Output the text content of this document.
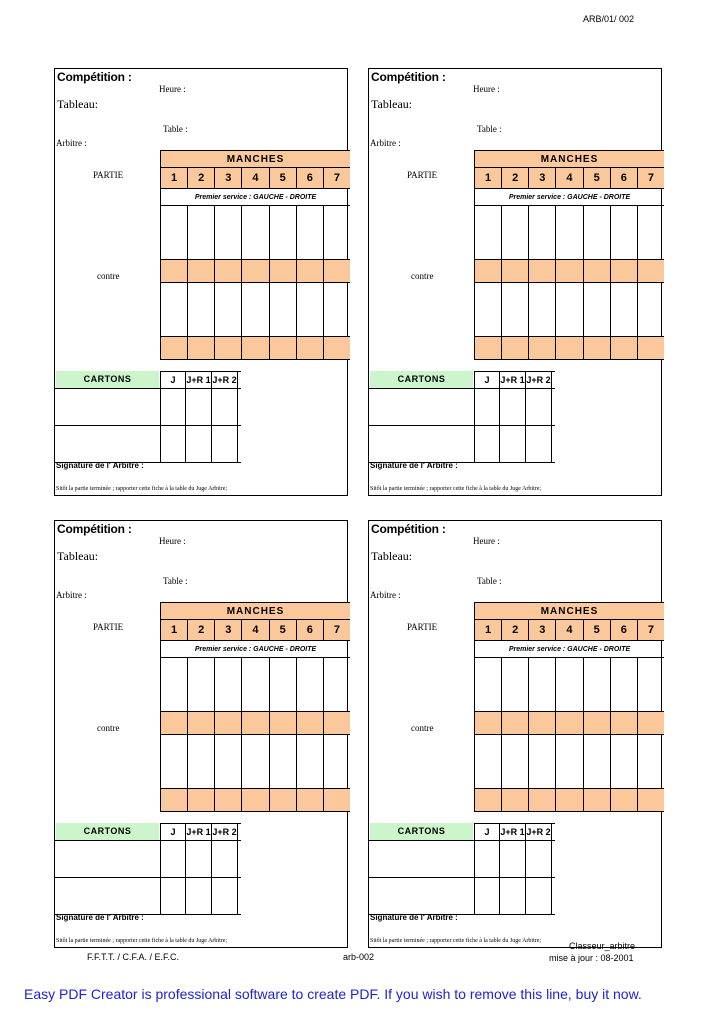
ARB/01/ 002
Compétition :
Heure :
Tableau:
Table :
Arbitre :
PARTIE
contre
MANCHES
1	2	3	4	5	6	7
Premier service : GAUCHE - DROITE
CARTONS	J	J+R 1 J+R 2
Signature de l' Arbitre :
Sitôt la partie terminée ; rapporter cette fiche à la table du Juge Arbitre;
Compétition :
Heure :
Tableau:
Table :
Arbitre :
PARTIE
contre
MANCHES
1	2	3	4	5	6	7
Premier service : GAUCHE - DROITE
CARTONS	J	J+R 1 J+R 2
Signature de l' Arbitre :
Sitôt la partie terminée ; rapporter cette fiche à la table du Juge Arbitre;
Compétition :
Heure :
Tableau:
Table :
Arbitre :
PARTIE
contre
MANCHES
1	2	3	4	5	6	7
Premier service : GAUCHE - DROITE
CARTONS	J	J+R 1 J+R 2
Signature de l' Arbitre :
Sitôt la partie terminée ; rapporter cette fiche à la table du Juge Arbitre;
Compétition :
Heure :
Tableau:
Table :
Arbitre :
PARTIE
contre
MANCHES
1	2	3	4	5	6	7
Premier service : GAUCHE - DROITE
CARTONS	J	J+R 1 J+R 2
Signature de l' Arbitre :
Sitôt la partie terminée ; rapporter cette fiche à la table du Juge Arbitre;
F.F.T.T. / C.F.A. / E.F.C.	arb-002
Classeur_arbitre
mise à jour : 08-2001
Easy PDF Creator is professional software to create PDF. If you wish to remove this line, buy it now.
